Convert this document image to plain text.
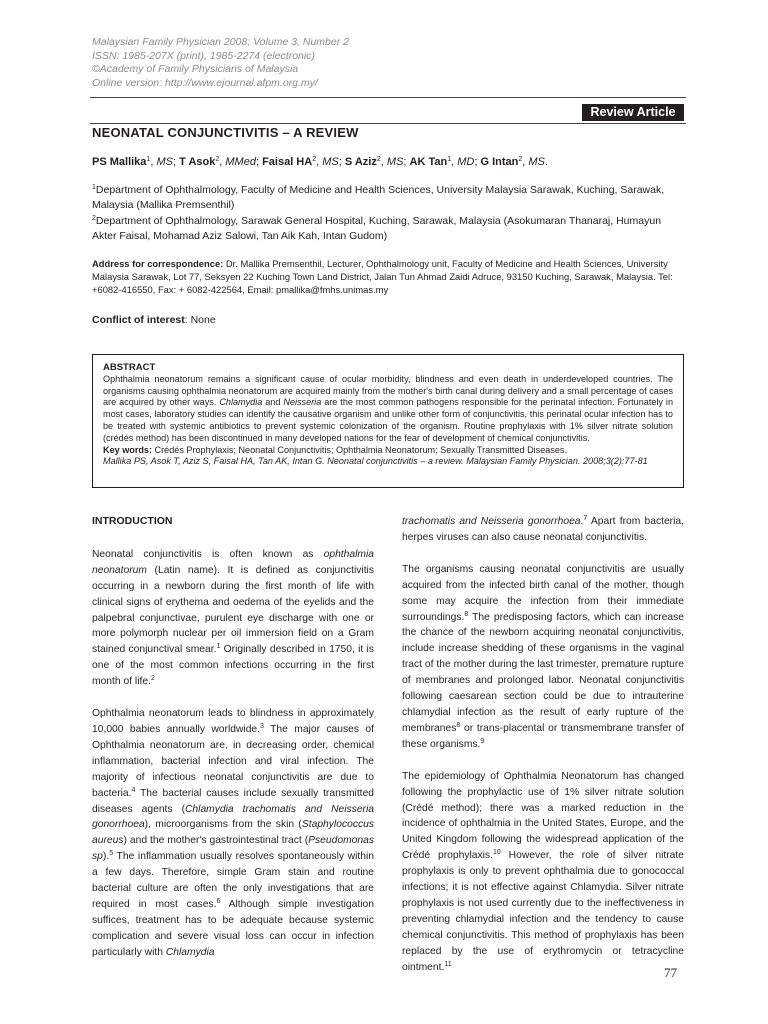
Malaysian Family Physician 2008; Volume 3, Number 2
ISSN: 1985-207X (print), 1985-2274 (electronic)
©Academy of Family Physicians of Malaysia
Online version: http://www.ejournal.afpm.org.my/
Review Article
NEONATAL CONJUNCTIVITIS – A REVIEW
PS Mallika$^1$, MS; T Asok$^2$, MMed; Faisal $HA^2$, MS; S Aziz$^2$, MS; AK Tan$^1$, MD; G Intan$^2$, MS.
$^1$Department of Ophthalmology, Faculty of Medicine and Health Sciences, University Malaysia Sarawak, Kuching, Sarawak, Malaysia (Mallika Premsenthil)
$^2$Department of Ophthalmology, Sarawak General Hospital, Kuching, Sarawak, Malaysia (Asokumaran Thanaraj, Humayun Akter Faisal, Mohamad Aziz Salowi, Tan Aik Kah, Intan Gudom)
Address for correspondence: Dr. Mallika Premsenthil, Lecturer, Ophthalmology unit, Faculty of Medicine and Health Sciences, University Malaysia Sarawak, Lot 77, Seksyen 22 Kuching Town Land District, Jalan Tun Ahmad Zaidi Adruce, 93150 Kuching, Sarawak, Malaysia. Tel: +6082-416550, Fax: + 6082-422564, Email: pmallika@fmhs.unimas.my
Conflict of interest: None
ABSTRACT
Ophthalmia neonatorum remains a significant cause of ocular morbidity, blindness and even death in underdeveloped countries. The organisms causing ophthalmia neonatorum are acquired mainly from the mother's birth canal during delivery and a small percentage of cases are acquired by other ways. Chlamydia and Neisseria are the most common pathogens responsible for the perinatal infection. Fortunately in most cases, laboratory studies can identify the causative organism and unlike other form of conjunctivitis, this perinatal ocular infection has to be treated with systemic antibiotics to prevent systemic colonization of the organism. Routine prophylaxis with 1% silver nitrate solution (crédés method) has been discontinued in many developed nations for the fear of development of chemical conjunctivitis.
Key words: Crédés Prophylaxis; Neonatal Conjunctivitis; Ophthalmia Neonatorum; Sexually Transmitted Diseases.
Mallika PS, Asok T, Aziz S, Faisal HA, Tan AK, Intan G. Neonatal conjunctivitis – a review. Malaysian Family Physician. 2008;3(2):77-81
INTRODUCTION

Neonatal conjunctivitis is often known as ophthalmia neonatorum (Latin name). It is defined as conjunctivitis occurring in a newborn during the first month of life with clinical signs of erythema and oedema of the eyelids and the palpebral conjunctivae, purulent eye discharge with one or more polymorph nuclear per oil immersion field on a Gram stained conjunctival smear.$^1$ Originally described in 1750, it is one of the most common infections occurring in the first month of life.$^2$

Ophthalmia neonatorum leads to blindness in approximately 10,000 babies annually worldwide.$^3$ The major causes of Ophthalmia neonatorum are, in decreasing order, chemical inflammation, bacterial infection and viral infection. The majority of infectious neonatal conjunctivitis are due to bacteria.$^4$ The bacterial causes include sexually transmitted diseases agents (Chlamydia trachomatis and Neisseria gonorrhoea), microorganisms from the skin (Staphylococcus aureus) and the mother's gastrointestinal tract (Pseudomonas sp).$^5$ The inflammation usually resolves spontaneously within a few days. Therefore, simple Gram stain and routine bacterial culture are often the only investigations that are required in most cases.$^6$ Although simple investigation suffices, treatment has to be adequate because systemic complication and severe visual loss can occur in infection particularly with Chlamydia

trachomatis and Neisseria gonorrhoea.$^7$ Apart from bacteria, herpes viruses can also cause neonatal conjunctivitis.

The organisms causing neonatal conjunctivitis are usually acquired from the infected birth canal of the mother, though some may acquire the infection from their immediate surroundings.$^8$ The predisposing factors, which can increase the chance of the newborn acquiring neonatal conjunctivitis, include increase shedding of these organisms in the vaginal tract of the mother during the last trimester, premature rupture of membranes and prolonged labor. Neonatal conjunctivitis following caesarean section could be due to intrauterine chlamydial infection as the result of early rupture of the membranes$^8$ or trans-placental or transmembrane transfer of these organisms.$^9$

The epidemiology of Ophthalmia Neonatorum has changed following the prophylactic use of 1% silver nitrate solution (Crédé method); there was a marked reduction in the incidence of ophthalmia in the United States, Europe, and the United Kingdom following the widespread application of the Crédé prophylaxis.$^{10}$ However, the role of silver nitrate prophylaxis is only to prevent ophthalmia due to gonococcal infections; it is not effective against Chlamydia. Silver nitrate prophylaxis is not used currently due to the ineffectiveness in preventing chlamydial infection and the tendency to cause chemical conjunctivitis. This method of prophylaxis has been replaced by the use of erythromycin or tetracycline ointment.$^{11}$

77
